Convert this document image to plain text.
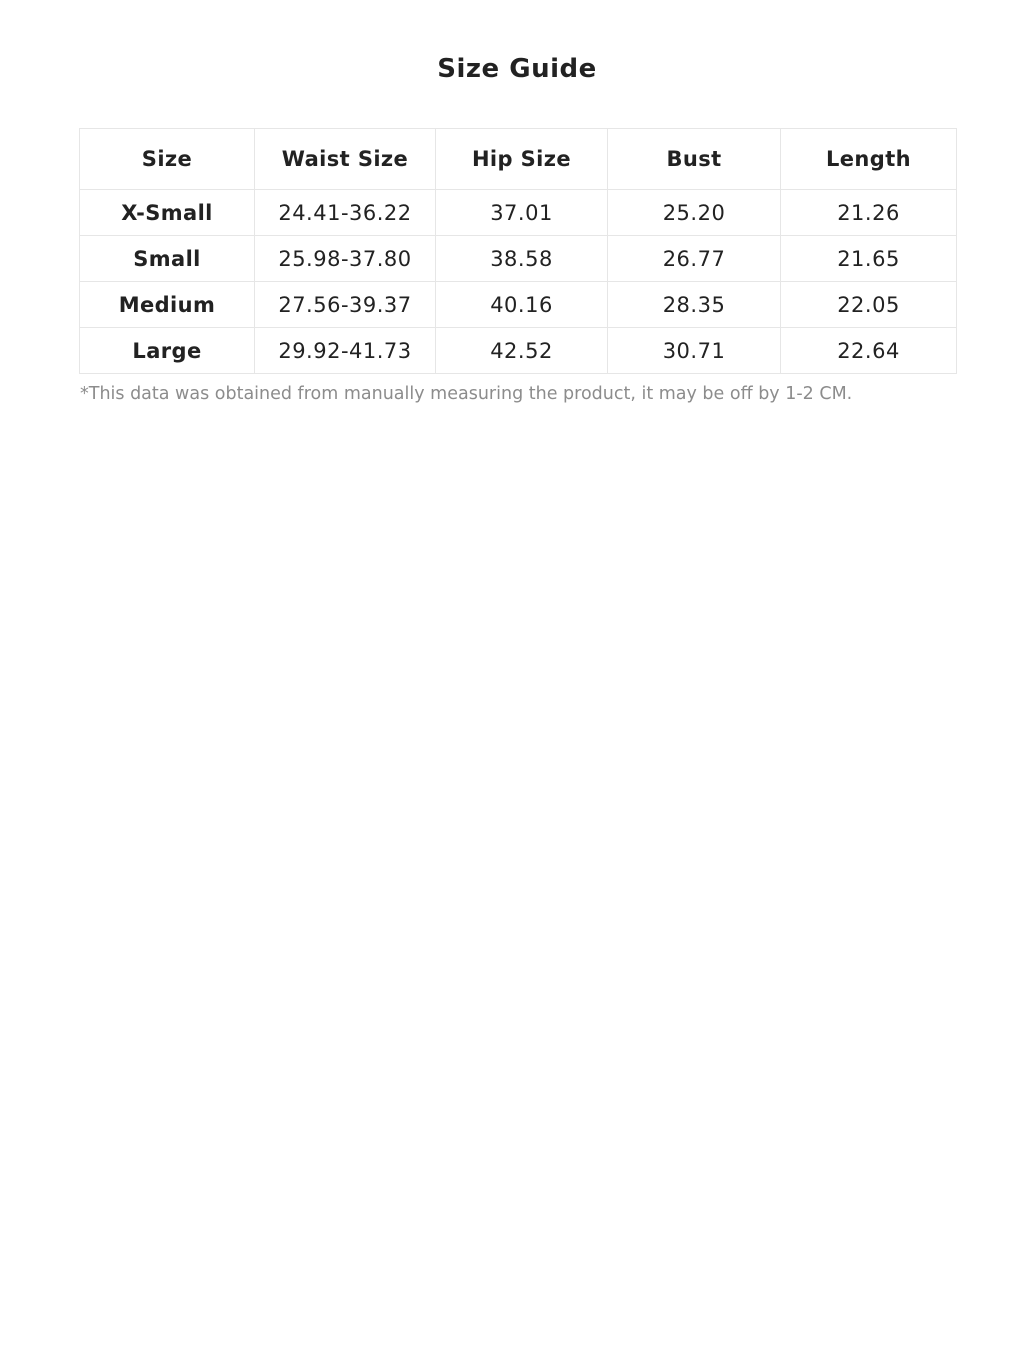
Size Guide
Size	Waist Size	Hip Size	Bust	Length
X-Small	24.41-36.22	37.01	25.20	21.26
Small	25.98-37.80	38.58	26.77	21.65
Medium	27.56-39.37	40.16	28.35	22.05
Large	29.92-41.73	42.52	30.71	22.64

*This data was obtained from manually measuring the product, it may be off by 1-2 CM.
